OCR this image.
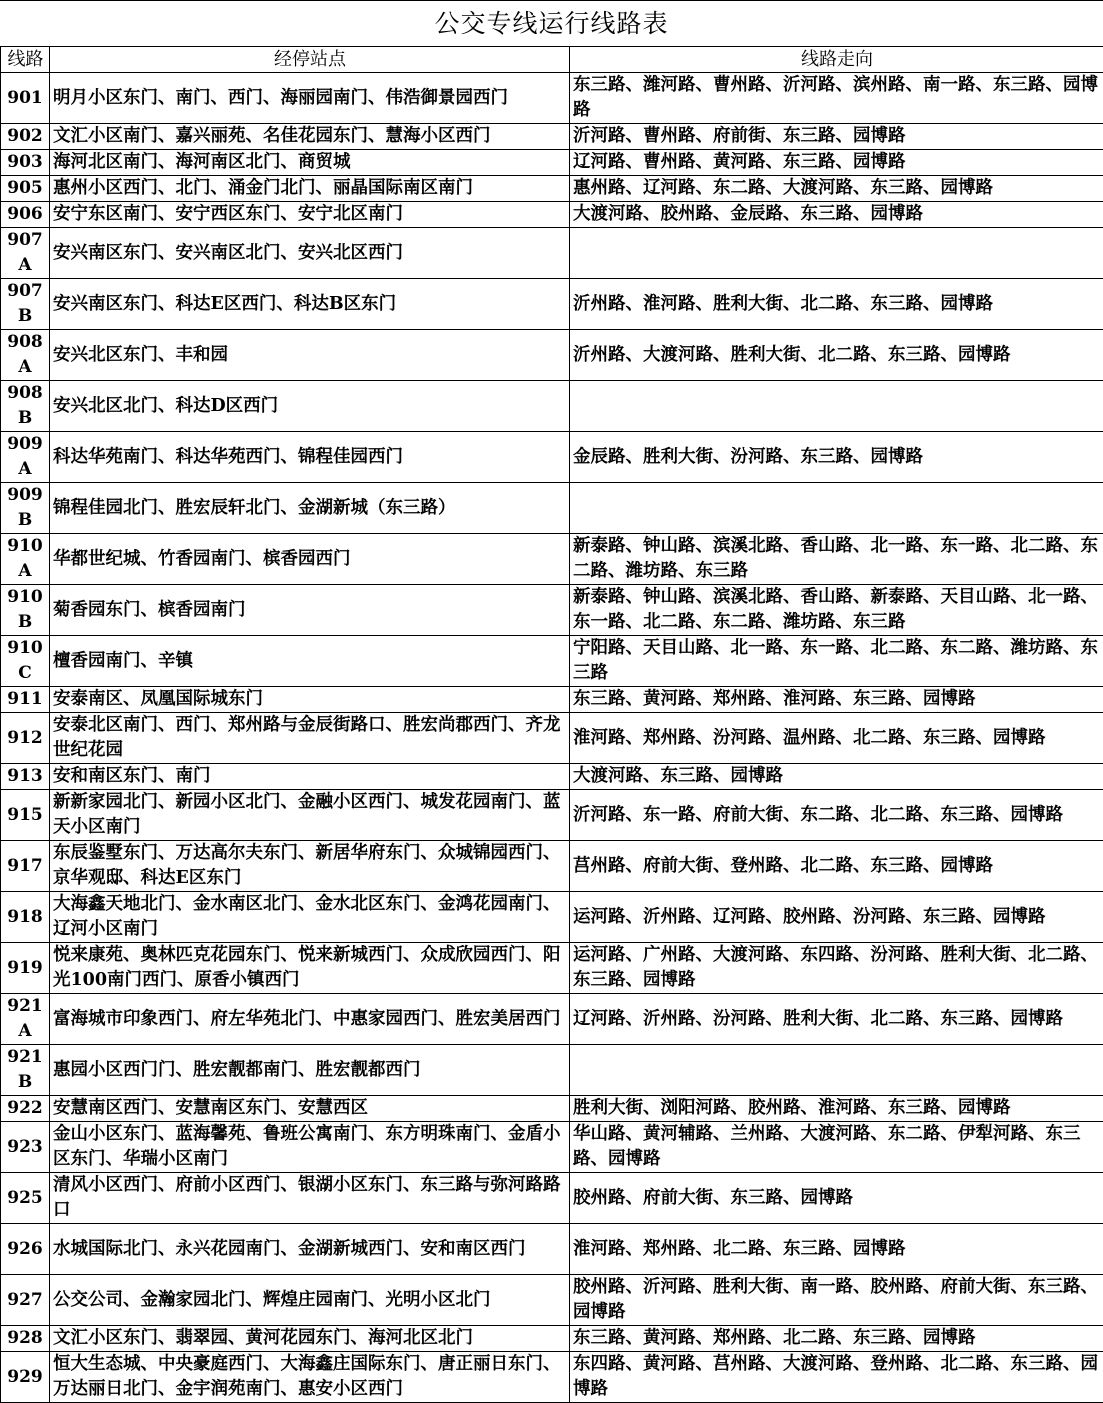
公交专线运行线路表
线路	经停站点	线路走向
901	明月小区东门、南门、西门、海丽园南门、伟浩御景园西门	东三路、潍河路、曹州路、沂河路、滨州路、南一路、东三路、园博路
902	文汇小区南门、嘉兴丽苑、名佳花园东门、慧海小区西门	沂河路、曹州路、府前街、东三路、园博路
903	海河北区南门、海河南区北门、商贸城	辽河路、曹州路、黄河路、东三路、园博路
905	惠州小区西门、北门、涌金门北门、丽晶国际南区南门	惠州路、辽河路、东二路、大渡河路、东三路、园博路
906	安宁东区南门、安宁西区东门、安宁北区南门	大渡河路、胶州路、金辰路、东三路、园博路
907A	安兴南区东门、安兴南区北门、安兴北区西门	
907B	安兴南区东门、科达E区西门、科达B区东门	沂州路、淮河路、胜利大街、北二路、东三路、园博路
908A	安兴北区东门、丰和园	沂州路、大渡河路、胜利大街、北二路、东三路、园博路
908B	安兴北区北门、科达D区西门	
909A	科达华苑南门、科达华苑西门、锦程佳园西门	金辰路、胜利大街、汾河路、东三路、园博路
909B	锦程佳园北门、胜宏辰轩北门、金湖新城（东三路）	
910A	华都世纪城、竹香园南门、槟香园西门	新泰路、钟山路、滨溪北路、香山路、北一路、东一路、北二路、东二路、潍坊路、东三路
910B	菊香园东门、槟香园南门	新泰路、钟山路、滨溪北路、香山路、新泰路、天目山路、北一路、东一路、北二路、东二路、潍坊路、东三路
910C	檀香园南门、辛镇	宁阳路、天目山路、北一路、东一路、北二路、东二路、潍坊路、东三路
911	安泰南区、凤凰国际城东门	东三路、黄河路、郑州路、淮河路、东三路、园博路
912	安泰北区南门、西门、郑州路与金辰街路口、胜宏尚郡西门、齐龙世纪花园	淮河路、郑州路、汾河路、温州路、北二路、东三路、园博路
913	安和南区东门、南门	大渡河路、东三路、园博路
915	新新家园北门、新园小区北门、金融小区西门、城发花园南门、蓝天小区南门	沂河路、东一路、府前大街、东二路、北二路、东三路、园博路
917	东辰鉴墅东门、万达高尔夫东门、新居华府东门、众城锦园西门、京华观邸、科达E区东门	莒州路、府前大街、登州路、北二路、东三路、园博路
918	大海鑫天地北门、金水南区北门、金水北区东门、金鸿花园南门、辽河小区南门	运河路、沂州路、辽河路、胶州路、汾河路、东三路、园博路
919	悦来康苑、奥林匹克花园东门、悦来新城西门、众成欣园西门、阳光100南门西门、原香小镇西门	运河路、广州路、大渡河路、东四路、汾河路、胜利大街、北二路、东三路、园博路
921A	富海城市印象西门、府左华苑北门、中惠家园西门、胜宏美居西门	辽河路、沂州路、汾河路、胜利大街、北二路、东三路、园博路
921B	惠园小区西门门、胜宏靓都南门、胜宏靓都西门	
922	安慧南区西门、安慧南区东门、安慧西区	胜利大街、浏阳河路、胶州路、淮河路、东三路、园博路
923	金山小区东门、蓝海馨苑、鲁班公寓南门、东方明珠南门、金盾小区东门、华瑞小区南门	华山路、黄河辅路、兰州路、大渡河路、东二路、伊犁河路、东三路、园博路
925	清风小区西门、府前小区西门、银湖小区东门、东三路与弥河路路口	胶州路、府前大街、东三路、园博路
926	水城国际北门、永兴花园南门、金湖新城西门、安和南区西门	淮河路、郑州路、北二路、东三路、园博路
927	公交公司、金瀚家园北门、辉煌庄园南门、光明小区北门	胶州路、沂河路、胜利大街、南一路、胶州路、府前大街、东三路、园博路
928	文汇小区东门、翡翠园、黄河花园东门、海河北区北门	东三路、黄河路、郑州路、北二路、东三路、园博路
929	恒大生态城、中央豪庭西门、大海鑫庄国际东门、唐正丽日东门、万达丽日北门、金宇润苑南门、惠安小区西门	东四路、黄河路、莒州路、大渡河路、登州路、北二路、东三路、园博路
